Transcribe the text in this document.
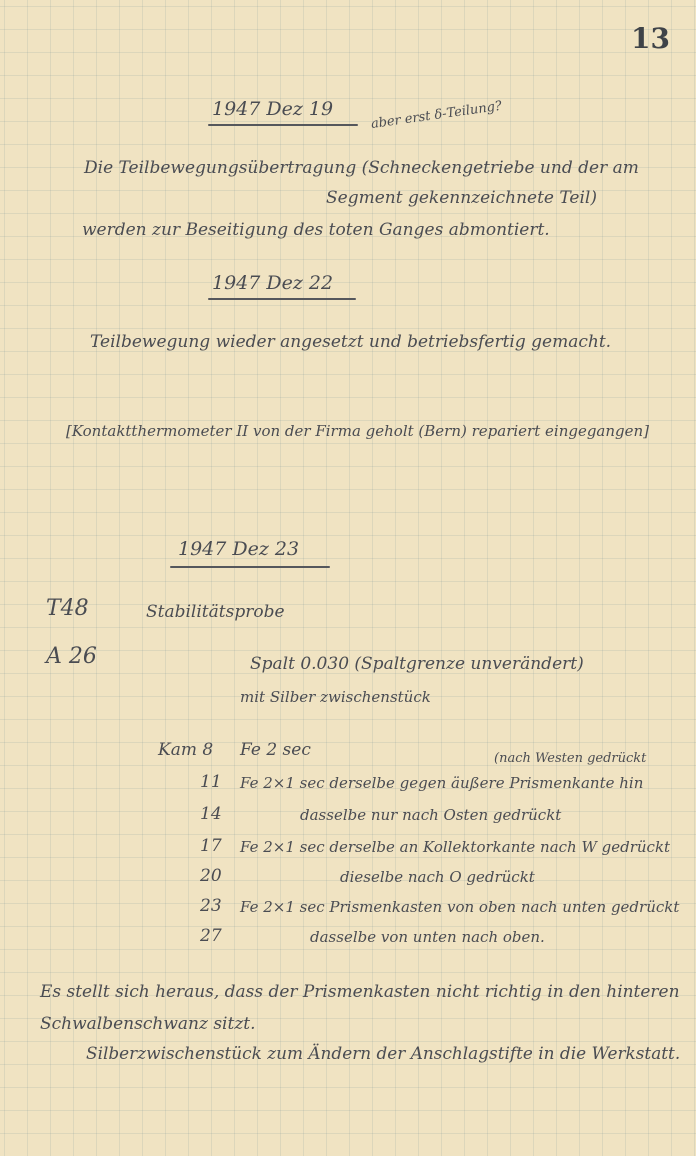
13
1947 Dez 19	aber erst δ-Teilung?
Die Teilbewegungsübertragung (Schneckengetriebe und der am
Segment gekennzeichnete Teil)
werden zur Beseitigung des toten Ganges abmontiert.
1947 Dez 22
Teilbewegung wieder angesetzt und betriebsfertig gemacht.
[Kontaktthermometer II von der Firma geholt (Bern) repariert eingegangen]
1947 Dez 23
T48
A 26
Stabilitätsprobe
Spalt 0.030 (Spaltgrenze unverändert)
mit Silber zwischenstück
Kam 8 Fe 2 sec	(nach Westen gedrückt
11 Fe 2×1 sec derselbe gegen äußere Prismenkante hin
14	dasselbe nur nach Osten gedrückt
17 Fe 2×1 sec derselbe an Kollektorkante nach W gedrückt
20	dieselbe nach O gedrückt
23 Fe 2×1 sec Prismenkasten von oben nach unten gedrückt
27	dasselbe von unten nach oben.
Es stellt sich heraus, dass der Prismenkasten nicht richtig in den hinteren
Schwalbenschwanz sitzt.
Silberzwischenstück zum Ändern der Anschlagstifte in die Werkstatt.
